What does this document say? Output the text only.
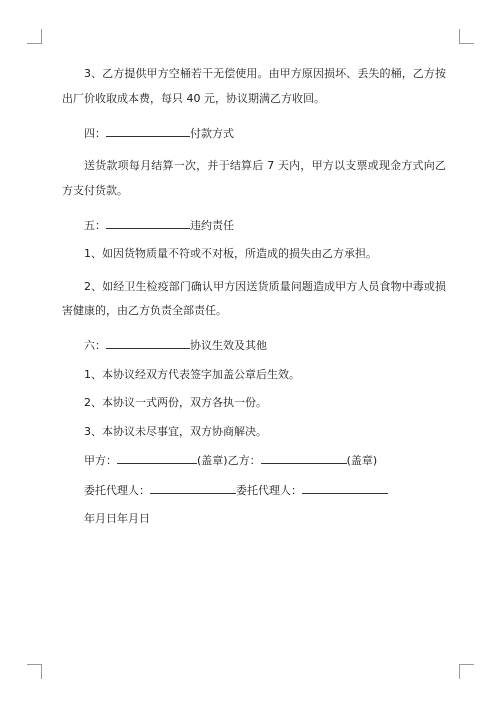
3、乙方提供甲方空桶若干无偿使用。由甲方原因损坏、丢失的桶，乙方按出厂价收取成本费，每只 40 元，协议期满乙方收回。

四：	付款方式

送货款项每月结算一次，并于结算后 7 天内，甲方以支票或现金方式向乙方支付货款。

五：	违约责任

1、如因货物质量不符或不对板，所造成的损失由乙方承担。

2、如经卫生检疫部门确认甲方因送货质量问题造成甲方人员食物中毒或损害健康的，由乙方负责全部责任。

六：	协议生效及其他

1、本协议经双方代表签字加盖公章后生效。

2、本协议一式两份，双方各执一份。

3、本协议未尽事宜，双方协商解决。

甲方：	(盖章)乙方：	(盖章)

委托代理人：	委托代理人：

年月日年月日
